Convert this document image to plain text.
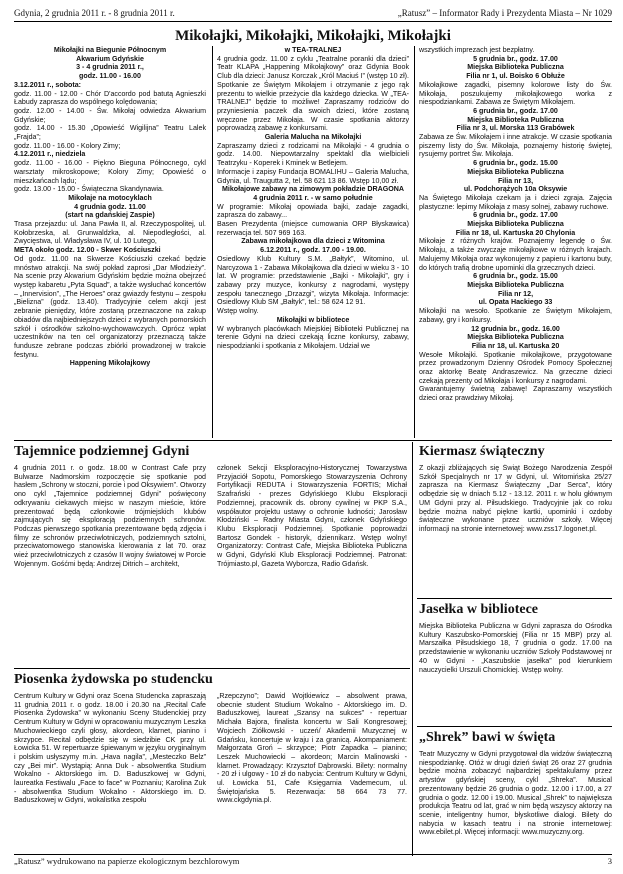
Gdynia, 2 grudnia 2011 r. - 8 grudnia 2011 r.	„Ratusz” – Informator Rady i Prezydenta Miasta – Nr 1029
Mikołajki, Mikołajki, Mikołajki, Mikołajki

Mikołajki na Biegunie Północnym

Akwarium Gdyńskie

3 - 4 grudnia 2011 r.,

godz. 11.00 - 16.00

3.12.2011 r., sobota:

godz. 11.00 - 12.00 - Chór D'accordo pod batutą Agnieszki Łabudy zaprasza do wspólnego kolędowania;

godz. 12.00 - 14.00 - Św. Mikołaj odwiedza Akwarium Gdyńskie;

godz. 14.00 - 15.30 „Opowieść Wigilijna” Teatru Lalek „Frajda”;

godz. 11.00 - 16.00 - Kolory Zimy;

4.12.2011 r., niedziela

godz. 11.00 - 16.00 - Piękno Bieguna Północnego, cykl warsztaty mikroskopowe; Kolory Zimy; Opowieść o mieszkańcach lądu;

godz. 13.00 - 15.00 - Świąteczna Skandynawia.

Mikołaje na motocyklach

4 grudnia godz. 11.00

(start na gdańskiej Zaspie)

Trasa przejazdu: ul. Jana Pawła II, al. Rzeczypospolitej, ul. Kołobrzeska, al. Grunwaldzka, al. Niepodległości, al. Zwycięstwa, ul. Władysława IV, ul. 10 Lutego,

META około godz. 12.00 - Skwer Kościuszki

Od godz. 11.00 na Skwerze Kościuszki czekać będzie mnóstwo atrakcji. Na swój pokład zaprosi „Dar Młodzieży”. Na scenie przy Akwarium Gdyńskim będzie można obejrzeć występ kabaretu „Pyta Squad”, a także wysłuchać koncertów – „Innervision”, „The Heroes” oraz gwiazdy festynu – zespołu „Bielizna” (godz. 13.40). Tradycyjnie celem akcji jest zebranie pieniędzy, które zostaną przeznaczone na zakup obiadów dla najbiedniejszych dzieci z wybranych pomorskich szkół i ośrodków szkolno-wychowawczych. Oprócz wpłat uczestników na ten cel organizatorzy przeznaczą także fundusze zebrane podczas zbiórki prowadzonej w trakcie festynu.

Happening Mikołajkowy

w TEA-TRALNEJ

4 grudnia godz. 11.00 z cyklu „Teatralne poranki dla dzieci” Teatr KLAPA „Happening Mikołajkowy” oraz Gdynia Book Club dla dzieci: Janusz Korczak „Król Maciuś I” (wstęp 10 zł). Spotkanie ze Świętym Mikołajem i otrzymanie z jego rąk prezentu to wielkie przeżycie dla każdego dziecka. W „TEA-TRALNEJ” będzie to możliwe! Zapraszamy rodziców do przyniesienia paczek dla swoich dzieci, które zostaną wręczone przez Mikołaja. W czasie spotkania aktorzy poprowadzą zabawę z konkursami.

Galeria Malucha na Mikołajki

Zapraszamy dzieci z rodzicami na Mikołajki - 4 grudnia o godz. 14.00. Niepowtarzalny spektakl dla wielbicieli Teatrzyku - Koperek i Kminek w Betlejem.

Informacje i zapisy Fundacja BOMALIHU – Galeria Malucha, Gdynia, ul. Traugutta 2, tel. 58 621 13 86. Wstęp 10,00 zł.

Mikołajowe zabawy na zimowym pokładzie DRAGONA

4 grudnia 2011 r. - w samo południe

W programie: Mikołaj opowiada bajki, zadaje zagadki, zaprasza do zabawy...

Basen Prezydenta (miejsce cumowania ORP Błyskawica) rezerwacja tel. 507 969 163.

Zabawa mikołajkowa dla dzieci z Witomina

6.12.2011 r., godz. 17.00 - 19.00.

Osiedlowy Klub Kultury S.M. „Bałtyk”, Witomino, ul. Narcyzowa 1 - Zabawa Mikołajkowa dla dzieci w wieku 3 - 10 lat. W programie: przedstawienie „Bajki - Mikołajki”, gry i zabawy przy muzyce, konkursy z nagrodami, występy zespołu tanecznego „Drzazgi”, wizyta Mikołaja. Informacje: Osiedlowy Klub SM „Bałtyk”, tel.: 58 624 12 91.

Wstęp wolny.

Mikołajki w bibliotece

W wybranych placówkach Miejskiej Biblioteki Publicznej na terenie Gdyni na dzieci czekają liczne konkursy, zabawy, niespodzianki i spotkania z Mikołajem. Udział we

wszystkich imprezach jest bezpłatny.

5 grudnia br., godz. 17.00

Miejska Biblioteka Publiczna

Filia nr 1, ul. Boisko 6 Obłuże

Mikołajkowe zagadki, pisemny kolorowe listy do Św. Mikołaja, poszukujemy mikołajkowego worka z niespodziankami. Zabawa ze Świętym Mikołajem.

6 grudnia br., godz. 17.00

Miejska Biblioteka Publiczna

Filia nr 3, ul. Morska 113 Grabówek

Zabawa ze Św. Mikołajem i inne atrakcje. W czasie spotkania piszemy listy do Św. Mikołaja, poznajemy historię świętej, rysujemy portret Św. Mikołaja.

6 grudnia br., godz. 15.00

Miejska Biblioteka Publiczna

Filia nr 13,

ul. Podchorążych 10a Oksywie

Na Świętego Mikołaja czekam ja i dzieci zgraja. Zajęcia plastyczne: lepimy Mikołaja z masy solnej, zabawy ruchowe.

6 grudnia br., godz. 17.00

Miejska Biblioteka Publiczna

Filia nr 18, ul. Kartuska 20 Chylonia

Mikołaje z różnych krajów. Poznajemy legendę o Św. Mikołaju, a także zwyczaje mikołajkowe w różnych krajach. Malujemy Mikołaja oraz wykonujemy z papieru i kartonu buty, do których trafią drobne upominki dla grzecznych dzieci.

6 grudnia br., godz. 15.00

Miejska Biblioteka Publiczna

Filia nr 12,

ul. Opata Hackiego 33

Mikołajki na wesoło. Spotkanie ze Świętym Mikołajem, zabawy, gry i konkursy.

12 grudnia br., godz. 16.00

Miejska Biblioteka Publiczna

Filia nr 18, ul. Kartuska 20

Wesołe Mikołajki. Spotkanie mikołajkowe, przygotowane przez prowadzonym Dzienny Ośrodek Pomocy Społecznej oraz aktorkę Beatę Andraszewicz. Na grzeczne dzieci czekają prezenty od Mikołaja i konkursy z nagrodami.

Gwarantujemy świetną zabawę! Zapraszamy wszystkich dzieci oraz prawdziwy Mikołaj.

Tajemnice podziemnej Gdyni
4 grudnia 2011 r. o godz. 18.00 w Contrast Cafe przy Bulwarze Nadmorskim rozpoczęcie się spotkanie pod hasłem „Schrony w stoczni, porcie i pod Oksywiem”. Otworzy ono cykl „Tajemnice podziemnej Gdyni” poświęcony odkrywaniu ciekawych miejsc w naszym mieście, które prezentować będą członkowie trójmiejskich klubów zajmujących się eksploracją podziemnych schronów. Podczas pierwszego spotkania prezentowane będą zdjęcia i filmy ze schronów przeciwlotniczych, podziemnych sztolni, przeciwatomowego stanowiska kierowania z lat 70. oraz wież przeciwlotniczych z czasów II wojny światowej w Porcie Wojennym. Gośćmi będą: Andrzej Ditrich – architekt,
członek Sekcji Eksploracyjno-Historycznej Towarzystwa Przyjaciół Sopotu, Pomorskiego Stowarzyszenia Ochrony Fortyfikacji REDUTA i Stowarzyszenia FORTIS; Michał Szafrański - prezes Gdyńskiego Klubu Eksploracji Podziemnej, pracownik ds. obrony cywilnej w PKP S.A., współautor projektu ustawy o ochronie ludności; Jarosław Kłodziński – Radny Miasta Gdyni, członek Gdyńskiego Klubu Eksploracji Podziemnej. Spotkanie poprowadzi Bartosz Gondek - historyk, dziennikarz. Wstęp wolny! Organizatorzy: Contrast Cafe, Miejska Biblioteka Publiczna w Gdyni, Gdyński Klub Eksploracji Podziemnej. Patronat: Trójmiasto.pl, Gazeta Wyborcza, Radio Gdańsk.
Kiermasz świąteczny
Z okazji zbliżających się Świąt Bożego Narodzenia Zespół Szkół Specjalnych nr 17 w Gdyni, ul. Witomińska 25/27 zaprasza na Kiermasz Świąteczny „Dar Serca”, który odbędzie się w dniach 5.12 - 13.12. 2011 r. w holu głównym UM Gdyni przy al. Piłsudskiego. Tradycyjnie jak co roku będzie można nabyć piękne kartki, upominki i ozdoby świąteczne wykonane przez uczniów szkoły. Więcej informacji na stronie internetowej: www.zss17.logonet.pl.
Jasełka w bibliotece
Miejska Biblioteka Publiczna w Gdyni zaprasza do Ośrodka Kultury Kaszubsko-Pomorskiej (Filia nr 15 MBP) przy al. Marszałka Piłsudskiego 18, 7 grudnia o godz. 17.00 na przedstawienie w wykonaniu uczniów Szkoły Podstawowej nr 40 w Gdyni - „Kaszubskie jasełka” pod kierunkiem nauczycielki Urszuli Chomickiej. Wstęp wolny.
Piosenka żydowska po studencku
Centrum Kultury w Gdyni oraz Scena Studencka zapraszają 11 grudnia 2011 r. o godz. 18.00 i 20.30 na „Recital Cafe Piosenka Żydowska” w wykonaniu Sceny Studenckiej przy Centrum Kultury w Gdyni w opracowaniu muzycznym Leszka Muchowieckiego czyli głosy, akordeon, klarnet, pianino i skrzypce. Recital odbędzie się w siedzibie CK przy ul. Łowicka 51. W repertuarze śpiewanym w języku oryginalnym i polskim usłyszymy m.in. „Hava nagila”, „Mesteczko Belz” czy „Bei mir”. Wystąpią: Anna Duk - absolwentka Studium Wokalno - Aktorskiego im. D. Baduszkowej w Gdyni, laureatka Festiwalu „Face to face” w Poznaniu; Karolina Zuk - absolwentka Studium Wokalno - Aktorskiego im. D. Baduszkowej w Gdyni, wokalistka zespołu
„Rzepczyno”; Dawid Wojtkiewicz – absolwent prawa, obecnie student Studium Wokalno - Aktorskiego im. D. Baduszkowej, laureat „Szansy na sukces” - repertuar Michała Bajora, finalista koncertu w Sali Kongresowej; Wojciech Ziółkowski - uczeń/ Akademii Muzycznej w Gdańsku, koncertuje w kraju i za granicą. Akompaniament: Małgorzata Groń – skrzypce; Piotr Zapadka – pianino; Leszek Muchowiecki – akordeon; Marcin Malinowski - klarnet. Prowadzący: Krzysztof Dąbrowski. Bilety: normalny - 20 zł i ulgowy - 10 zł do nabycia: Centrum Kultury w Gdyni, ul. Łowicka 51, Cafe Księgarnia Vademecum, ul. Świętojańska 5. Rezerwacja: 58 664 73 77. www.ckgdynia.pl.
„Shrek” bawi w święta
Teatr Muzyczny w Gdyni przygotował dla widzów świąteczną niespodziankę. Otóż w drugi dzień świąt 26 oraz 27 grudnia będzie można zobaczyć najbardziej spektakularny przez artystów gdyńskiej sceny, cykl „Shreka”. Musical prezentowany będzie 26 grudnia o godz. 12.00 i 17.00, a 27 grudnia o godz. 12.00 i 19.00. Musical „Shrek” to największa produkcja Teatru od lat, grać w nim będą wszyscy aktorzy na scenie, inteligentny humor, błyskotliwe dialogi. Bilety do nabycia w kasach teatru i na stronie internetowej: www.ebilet.pl. Więcej informacji: www.muzyczny.org.
„Ratusz” wydrukowano na papierze ekologicznym bezchlorowym	3
